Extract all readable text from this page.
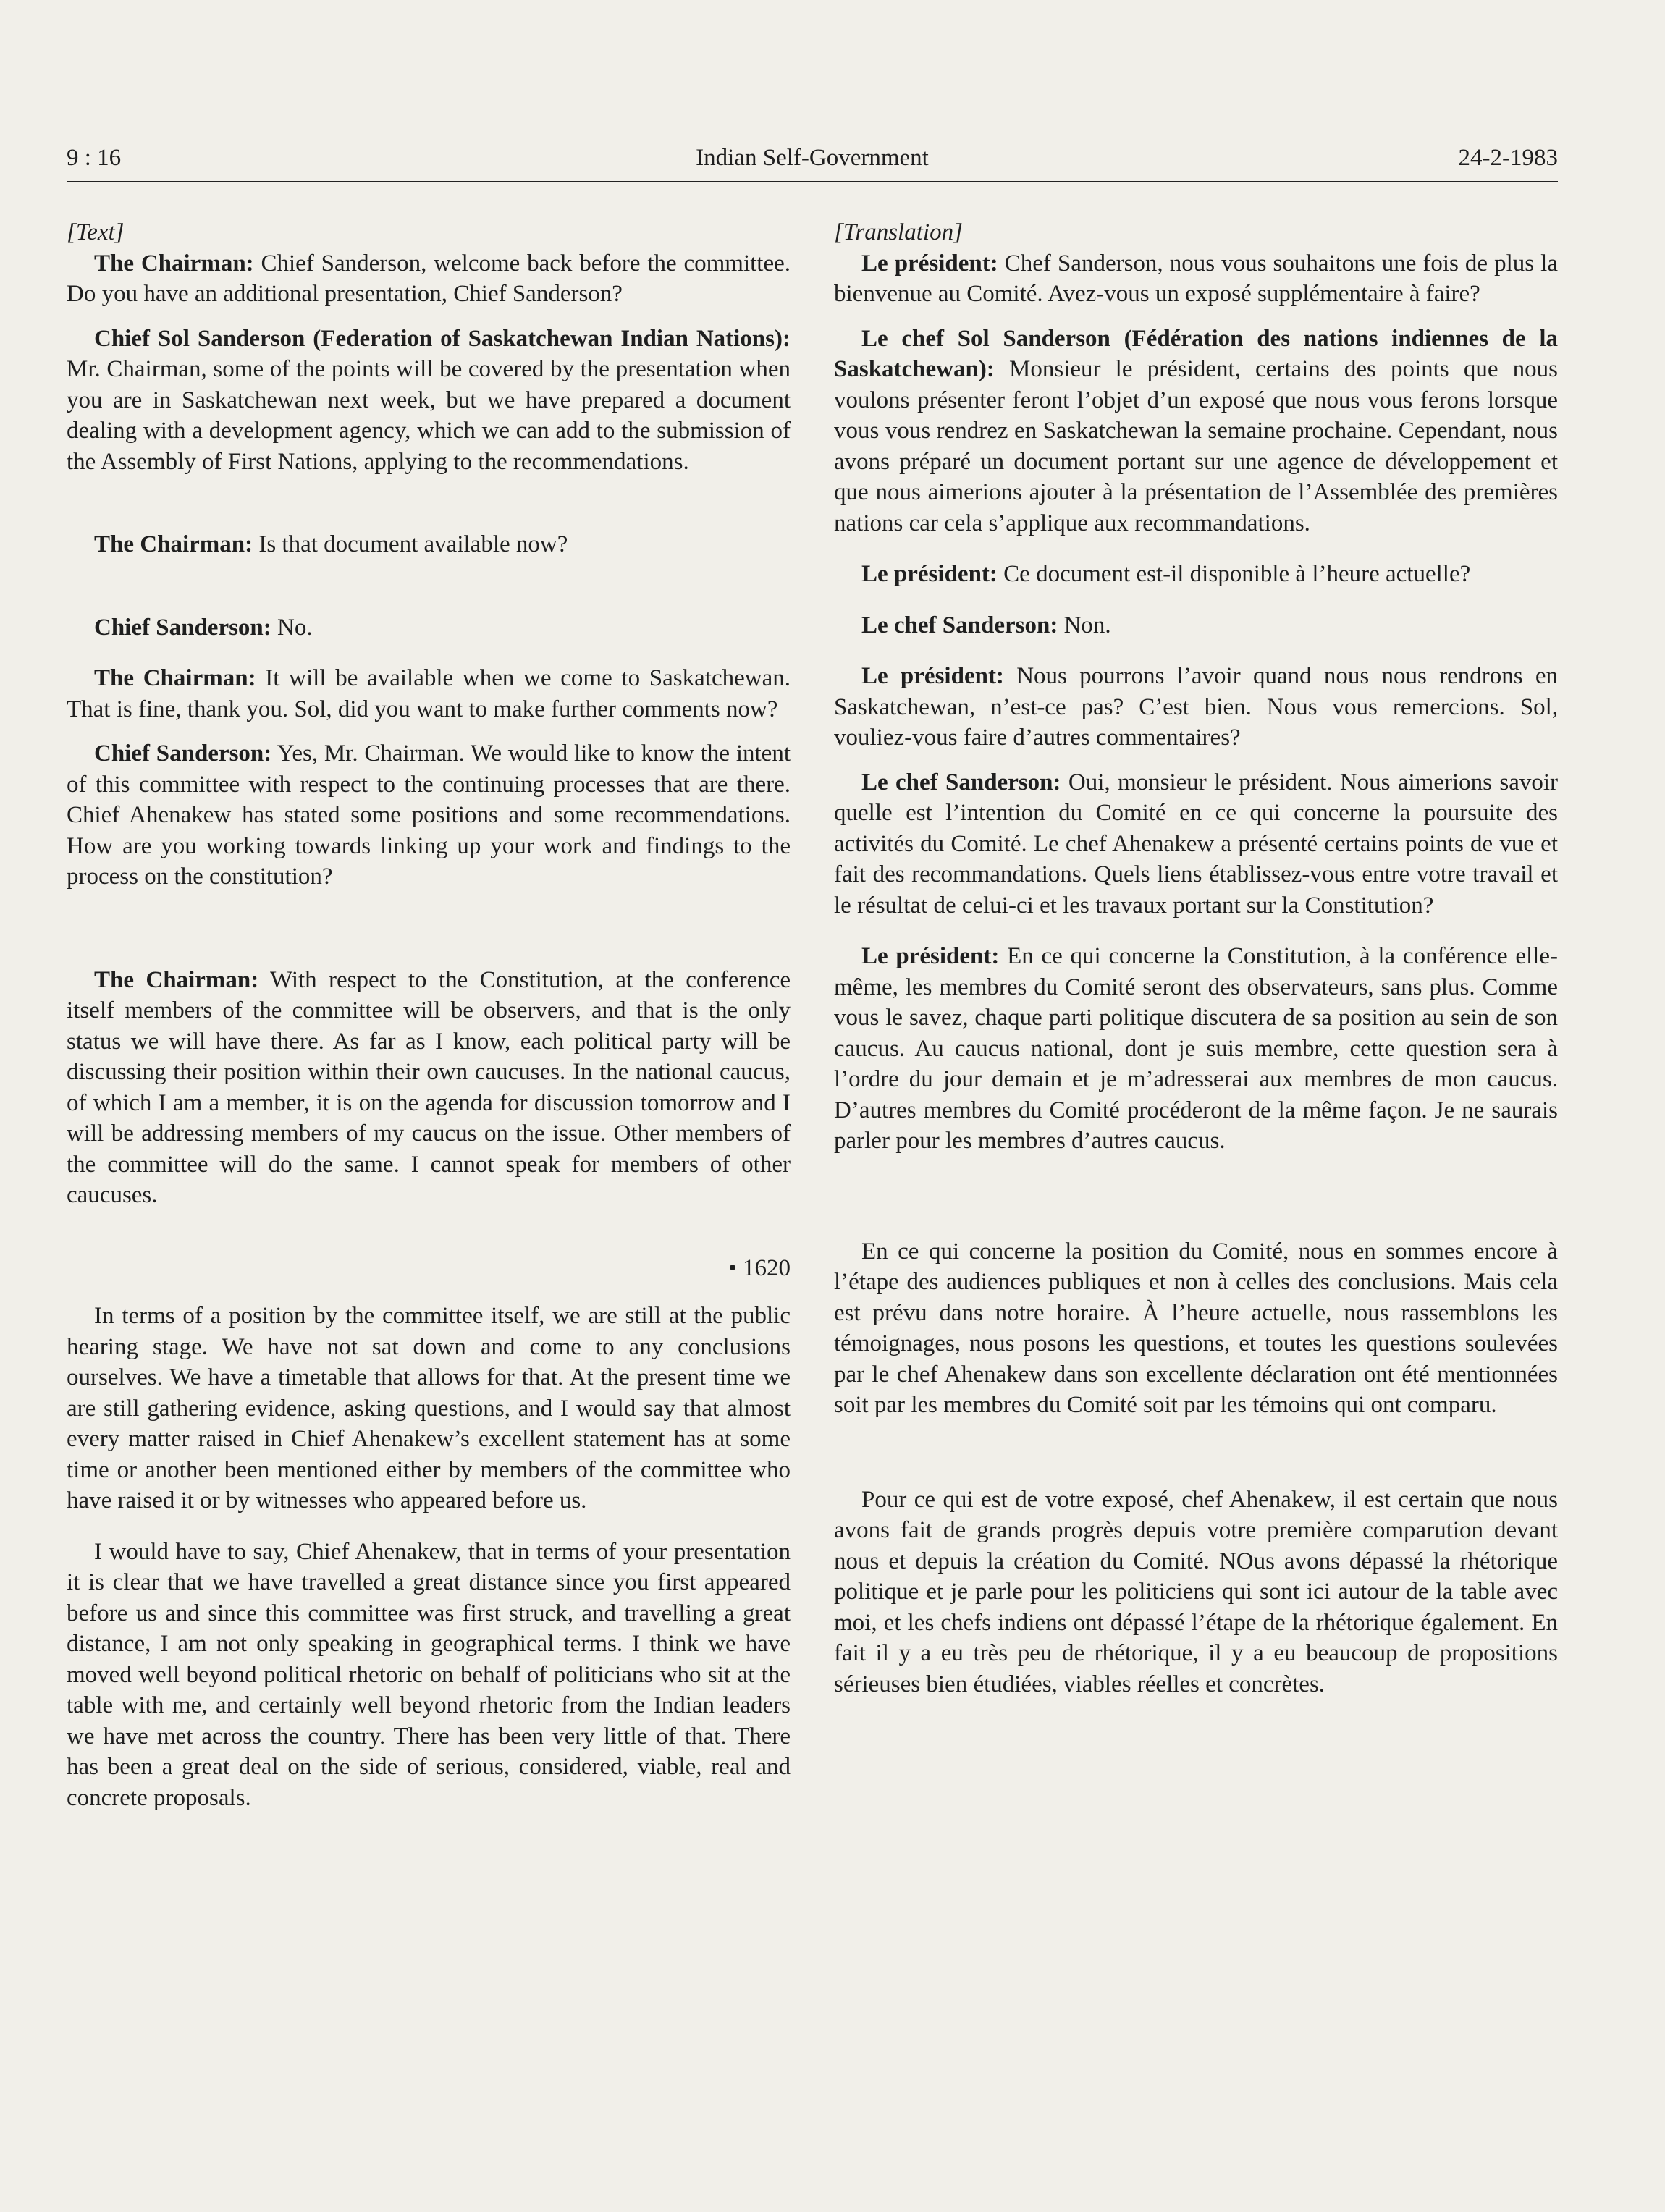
9 : 16	Indian Self-Government	24-2-1983

[Text]

The Chairman: Chief Sanderson, welcome back before the committee. Do you have an additional presentation, Chief Sanderson?

Chief Sol Sanderson (Federation of Saskatchewan Indian Nations): Mr. Chairman, some of the points will be covered by the presentation when you are in Saskatchewan next week, but we have prepared a document dealing with a development agency, which we can add to the submission of the Assembly of First Nations, applying to the recommendations.

The Chairman: Is that document available now?

Chief Sanderson: No.

The Chairman: It will be available when we come to Saskatchewan. That is fine, thank you. Sol, did you want to make further comments now?

Chief Sanderson: Yes, Mr. Chairman. We would like to know the intent of this committee with respect to the continuing processes that are there. Chief Ahenakew has stated some positions and some recommendations. How are you working towards linking up your work and findings to the process on the constitution?

The Chairman: With respect to the Constitution, at the conference itself members of the committee will be observers, and that is the only status we will have there. As far as I know, each political party will be discussing their position within their own caucuses. In the national caucus, of which I am a member, it is on the agenda for discussion tomorrow and I will be addressing members of my caucus on the issue. Other members of the committee will do the same. I cannot speak for members of other caucuses.

• 1620

In terms of a position by the committee itself, we are still at the public hearing stage. We have not sat down and come to any conclusions ourselves. We have a timetable that allows for that. At the present time we are still gathering evidence, asking questions, and I would say that almost every matter raised in Chief Ahenakew’s excellent statement has at some time or another been mentioned either by members of the committee who have raised it or by witnesses who appeared before us.

I would have to say, Chief Ahenakew, that in terms of your presentation it is clear that we have travelled a great distance since you first appeared before us and since this committee was first struck, and travelling a great distance, I am not only speaking in geographical terms. I think we have moved well beyond political rhetoric on behalf of politicians who sit at the table with me, and certainly well beyond rhetoric from the Indian leaders we have met across the country. There has been very little of that. There has been a great deal on the side of serious, considered, viable, real and concrete proposals.

[Translation]

Le président: Chef Sanderson, nous vous souhaitons une fois de plus la bienvenue au Comité. Avez-vous un exposé supplémentaire à faire?

Le chef Sol Sanderson (Fédération des nations indiennes de la Saskatchewan): Monsieur le président, certains des points que nous voulons présenter feront l’objet d’un exposé que nous vous ferons lorsque vous vous rendrez en Saskatchewan la semaine prochaine. Cependant, nous avons préparé un document portant sur une agence de développement et que nous aimerions ajouter à la présentation de l’Assemblée des premières nations car cela s’applique aux recommandations.

Le président: Ce document est-il disponible à l’heure actuelle?

Le chef Sanderson: Non.

Le président: Nous pourrons l’avoir quand nous nous rendrons en Saskatchewan, n’est-ce pas? C’est bien. Nous vous remercions. Sol, vouliez-vous faire d’autres commentaires?

Le chef Sanderson: Oui, monsieur le président. Nous aimerions savoir quelle est l’intention du Comité en ce qui concerne la poursuite des activités du Comité. Le chef Ahenakew a présenté certains points de vue et fait des recommandations. Quels liens établissez-vous entre votre travail et le résultat de celui-ci et les travaux portant sur la Constitution?

Le président: En ce qui concerne la Constitution, à la conférence elle-même, les membres du Comité seront des observateurs, sans plus. Comme vous le savez, chaque parti politique discutera de sa position au sein de son caucus. Au caucus national, dont je suis membre, cette question sera à l’ordre du jour demain et je m’adresserai aux membres de mon caucus. D’autres membres du Comité procéderont de la même façon. Je ne saurais parler pour les membres d’autres caucus.

En ce qui concerne la position du Comité, nous en sommes encore à l’étape des audiences publiques et non à celles des conclusions. Mais cela est prévu dans notre horaire. À l’heure actuelle, nous rassemblons les témoignages, nous posons les questions, et toutes les questions soulevées par le chef Ahenakew dans son excellente déclaration ont été mentionnées soit par les membres du Comité soit par les témoins qui ont comparu.

Pour ce qui est de votre exposé, chef Ahenakew, il est certain que nous avons fait de grands progrès depuis votre première comparution devant nous et depuis la création du Comité. NOus avons dépassé la rhétorique politique et je parle pour les politiciens qui sont ici autour de la table avec moi, et les chefs indiens ont dépassé l’étape de la rhétorique également. En fait il y a eu très peu de rhétorique, il y a eu beaucoup de propositions sérieuses bien étudiées, viables réelles et concrètes.
